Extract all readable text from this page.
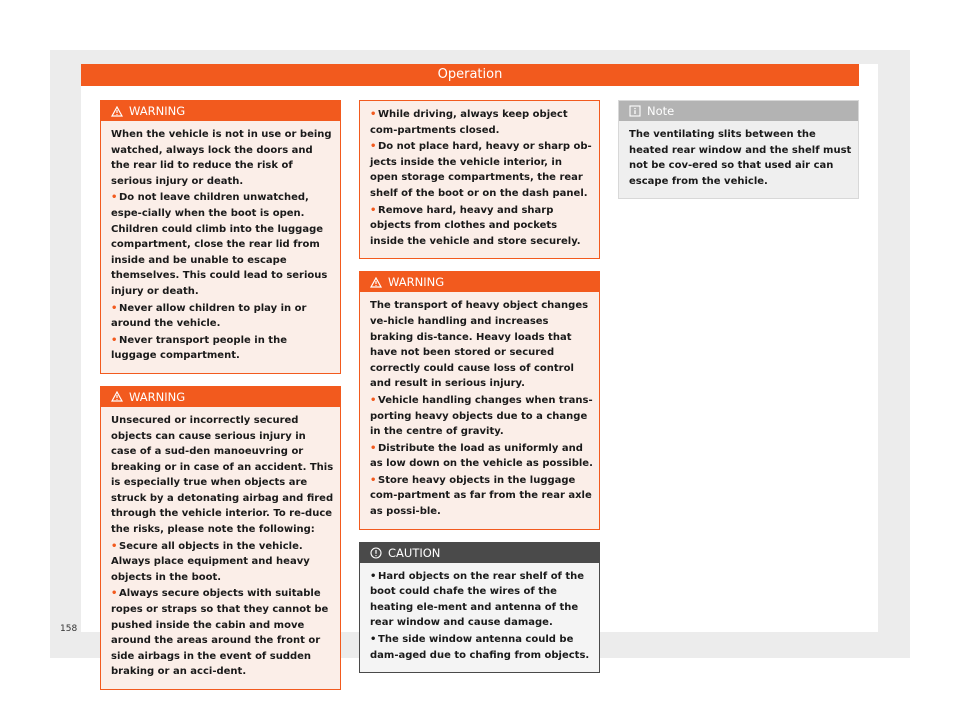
Operation
WARNING

When the vehicle is not in use or being watched, always lock the doors and the rear lid to reduce the risk of serious injury or death.

• Do not leave children unwatched, espe-cially when the boot is open. Children could climb into the luggage compartment, close the rear lid from inside and be unable to escape themselves. This could lead to serious injury or death.

• Never allow children to play in or around the vehicle.

• Never transport people in the luggage compartment.

WARNING

Unsecured or incorrectly secured objects can cause serious injury in case of a sud-den manoeuvring or breaking or in case of an accident. This is especially true when objects are struck by a detonating airbag and fired through the vehicle interior. To re-duce the risks, please note the following:

• Secure all objects in the vehicle. Always place equipment and heavy objects in the boot.

• Always secure objects with suitable ropes or straps so that they cannot be pushed inside the cabin and move around the areas around the front or side airbags in the event of sudden braking or an acci-dent.

• While driving, always keep object com-partments closed.

• Do not place hard, heavy or sharp ob-jects inside the vehicle interior, in open storage compartments, the rear shelf of the boot or on the dash panel.

• Remove hard, heavy and sharp objects from clothes and pockets inside the vehicle and store securely.

WARNING

The transport of heavy object changes ve-hicle handling and increases braking dis-tance. Heavy loads that have not been stored or secured correctly could cause loss of control and result in serious injury.

• Vehicle handling changes when trans-porting heavy objects due to a change in the centre of gravity.

• Distribute the load as uniformly and as low down on the vehicle as possible.

• Store heavy objects in the luggage com-partment as far from the rear axle as possi-ble.

CAUTION

• Hard objects on the rear shelf of the boot could chafe the wires of the heating ele-ment and antenna of the rear window and cause damage.

• The side window antenna could be dam-aged due to chafing from objects.

Note

The ventilating slits between the heated rear window and the shelf must not be cov-ered so that used air can escape from the vehicle.

158
